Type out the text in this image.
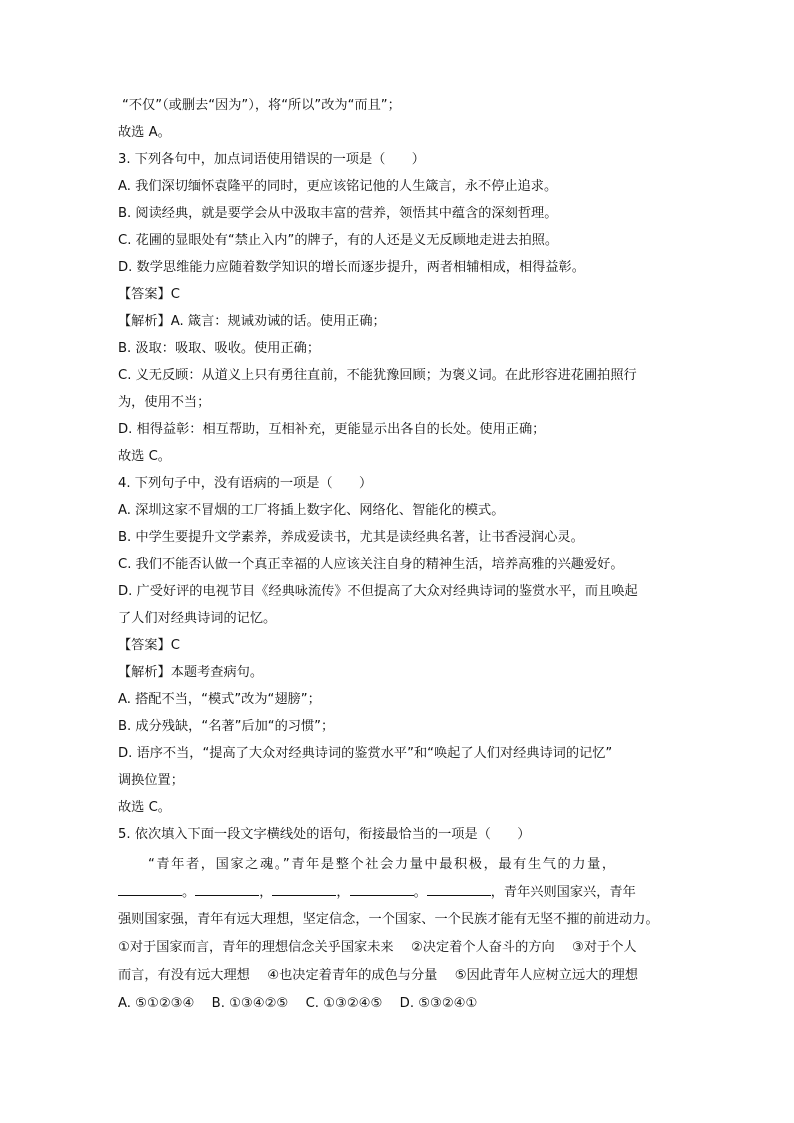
“不仅”（或删去“因为”），将“所以”改为“而且”；
故选 A。
3. 下列各句中，加点词语使用错误的一项是（　　）
A. 我们深切缅怀袁隆平的同时，更应该铭记他的人生箴言，永不停止追求。
B. 阅读经典，就是要学会从中汲取丰富的营养，领悟其中蕴含的深刻哲理。
C. 花圃的显眼处有“禁止入内”的牌子，有的人还是义无反顾地走进去拍照。
D. 数学思维能力应随着数学知识的增长而逐步提升，两者相辅相成，相得益彰。
【答案】C
【解析】A. 箴言：规诫劝诫的话。使用正确；
B. 汲取：吸取、吸收。使用正确；
C. 义无反顾：从道义上只有勇往直前，不能犹豫回顾；为褒义词。在此形容进花圃拍照行
为，使用不当；
D. 相得益彰：相互帮助，互相补充，更能显示出各自的长处。使用正确；
故选 C。
4. 下列句子中，没有语病的一项是（　　）
A. 深圳这家不冒烟的工厂将插上数字化、网络化、智能化的模式。
B. 中学生要提升文学素养，养成爱读书，尤其是读经典名著，让书香浸润心灵。
C. 我们不能否认做一个真正幸福的人应该关注自身的精神生活，培养高雅的兴趣爱好。
D. 广受好评的电视节目《经典咏流传》不但提高了大众对经典诗词的鉴赏水平，而且唤起
了人们对经典诗词的记忆。
【答案】C
【解析】本题考查病句。
A. 搭配不当，“模式”改为“翅膀”；
B. 成分残缺，“名著”后加“的习惯”；
D. 语序不当，“提高了大众对经典诗词的鉴赏水平”和“唤起了人们对经典诗词的记忆”
调换位置；
故选 C。
5. 依次填入下面一段文字横线处的语句，衔接最恰当的一项是（　　）
“青年者，国家之魂。”青年是整个社会力量中最积极，最有生气的力量，
。	，	，	。	，青年兴则国家兴，青年
强则国家强，青年有远大理想，坚定信念，一个国家、一个民族才能有无坚不摧的前进动力。
①对于国家而言，青年的理想信念关乎国家未来　 ②决定着个人奋斗的方向　 ③对于个人
而言，有没有远大理想　 ④也决定着青年的成色与分量　 ⑤因此青年人应树立远大的理想
A. ⑤①②③④　 B. ①③④②⑤　 C. ①③②④⑤　 D. ⑤③②④①
